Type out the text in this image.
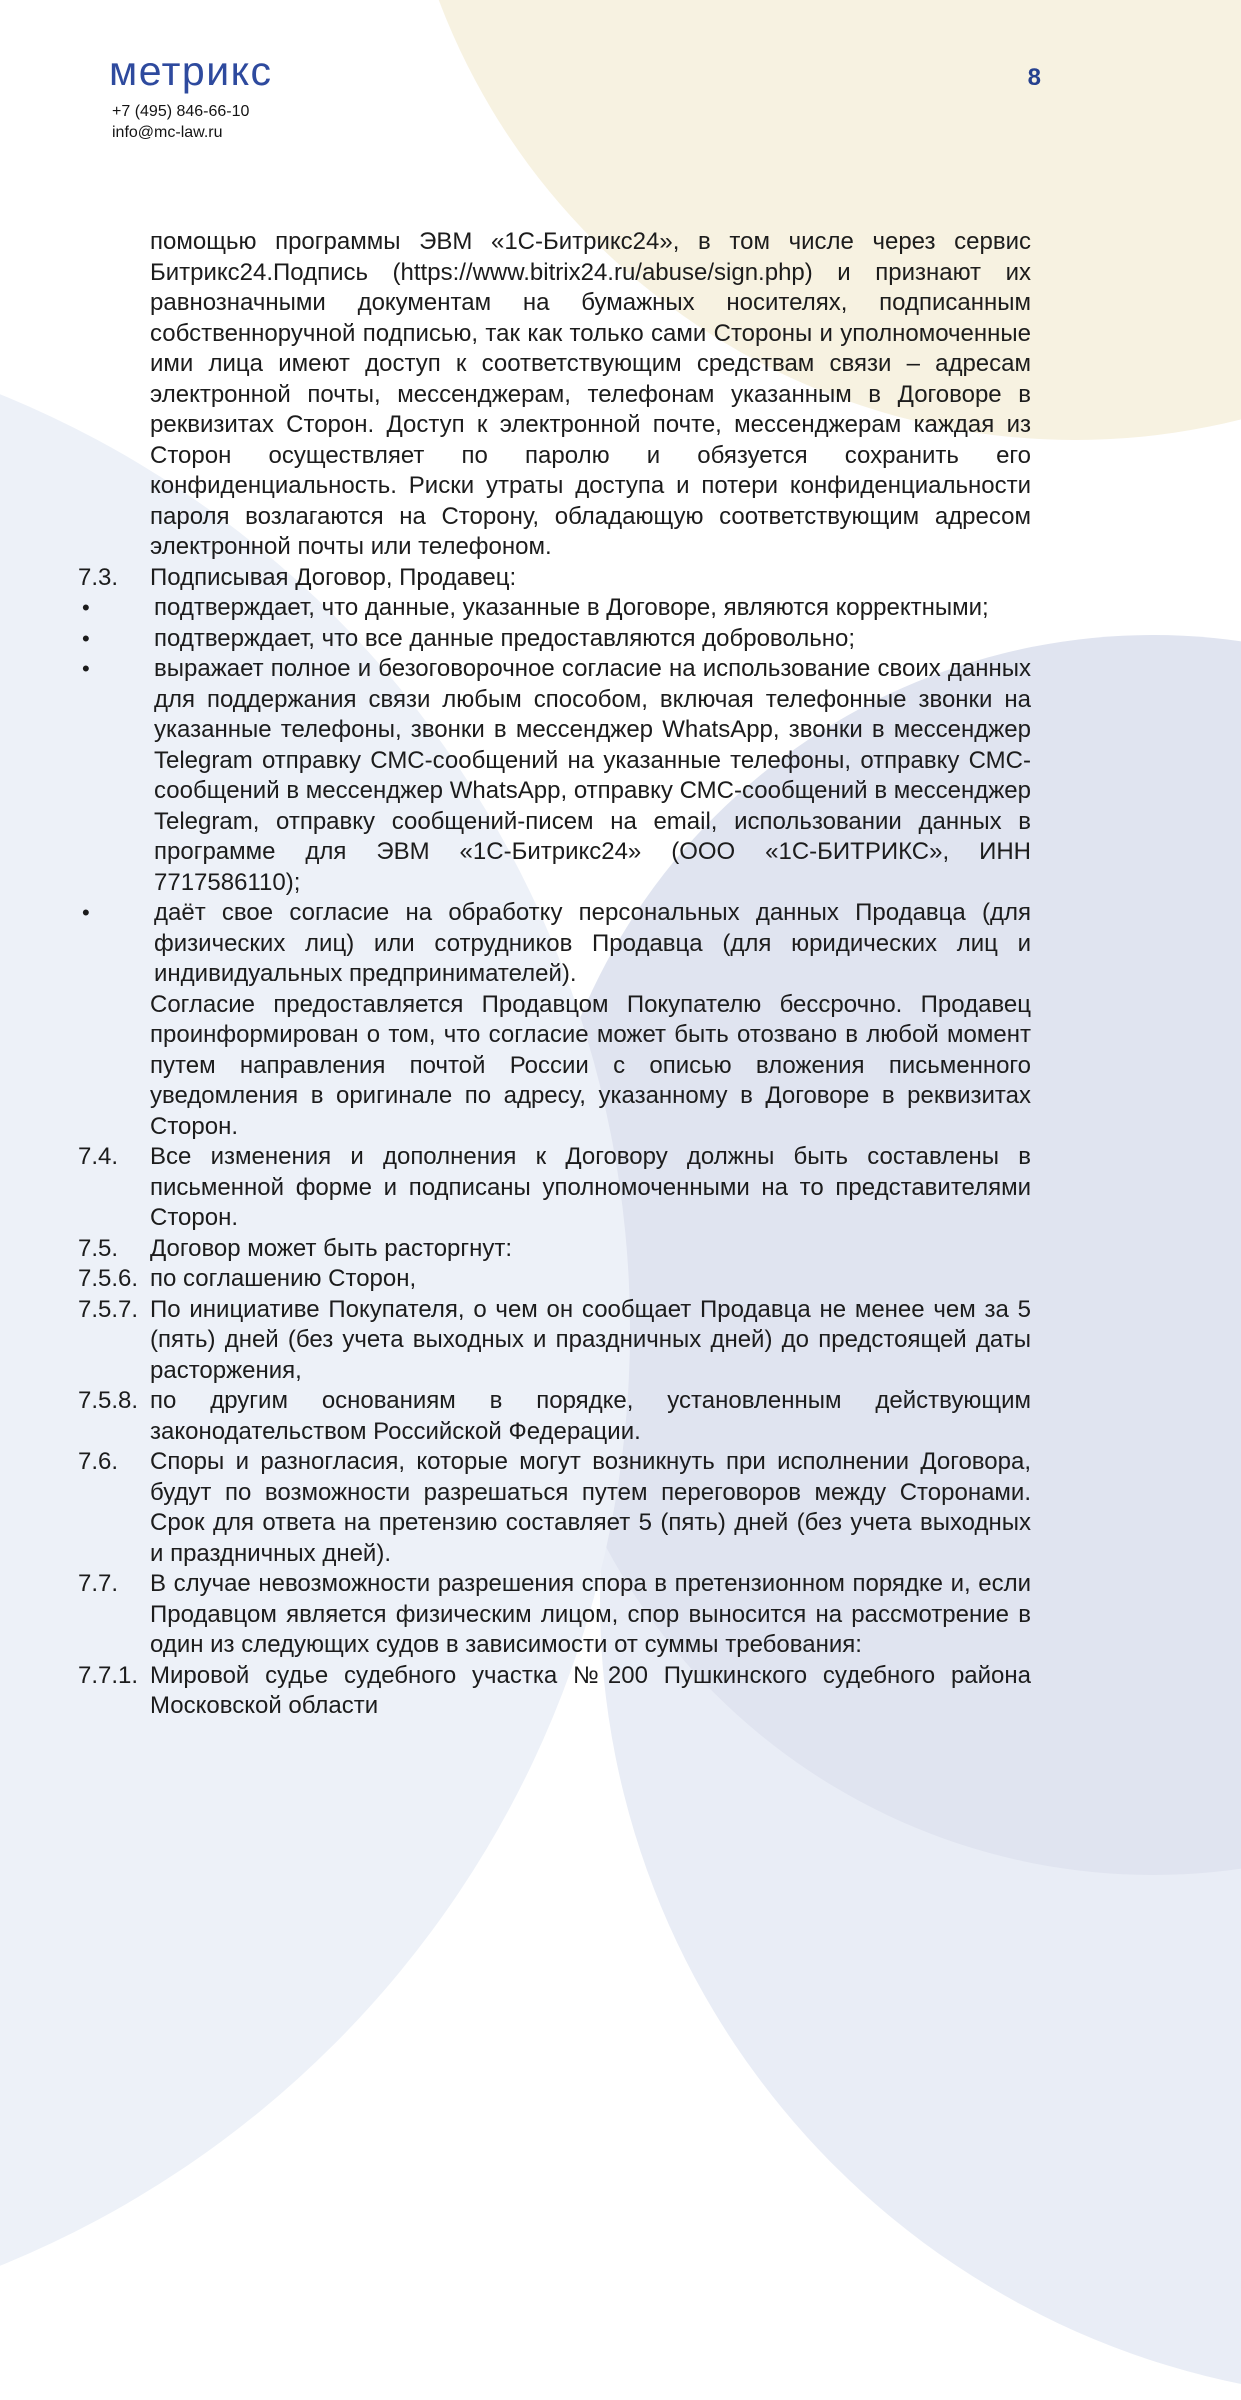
метрикс
+7 (495) 846-66-10
info@mc-law.ru
8
помощью программы ЭВМ «1С-Битрикс24», в том числе через сервис Битрикс24.Подпись (https://www.bitrix24.ru/abuse/sign.php) и признают их равнозначными документам на бумажных носителях, подписанным собственноручной подписью, так как только сами Стороны и уполномоченные ими лица имеют доступ к соответствующим средствам связи – адресам электронной почты, мессенджерам, телефонам указанным в Договоре в реквизитах Сторон. Доступ к электронной почте, мессенджерам каждая из Сторон осуществляет по паролю и обязуется сохранить его конфиденциальность. Риски утраты доступа и потери конфиденциальности пароля возлагаются на Сторону, обладающую соответствующим адресом электронной почты или телефоном.
7.3.	Подписывая Договор, Продавец:
•	подтверждает, что данные, указанные в Договоре, являются корректными;
•	подтверждает, что все данные предоставляются добровольно;
•	выражает полное и безоговорочное согласие на использование своих данных для поддержания связи любым способом, включая телефонные звонки на указанные телефоны, звонки в мессенджер WhatsApp, звонки в мессенджер Telegram отправку СМС-сообщений на указанные телефоны, отправку СМС-сообщений в мессенджер WhatsApp, отправку СМС-сообщений в мессенджер Telegram, отправку сообщений-писем на email, использовании данных в программе для ЭВМ «1С-Битрикс24» (ООО «1С-БИТРИКС», ИНН 7717586110);
•	даёт свое согласие на обработку персональных данных Продавца (для физических лиц) или сотрудников Продавца (для юридических лиц и индивидуальных предпринимателей).
Согласие предоставляется Продавцом Покупателю бессрочно. Продавец проинформирован о том, что согласие может быть отозвано в любой момент путем направления почтой России с описью вложения письменного уведомления в оригинале по адресу, указанному в Договоре в реквизитах Сторон.
7.4.	Все изменения и дополнения к Договору должны быть составлены в письменной форме и подписаны уполномоченными на то представителями Сторон.
7.5.	Договор может быть расторгнут:
7.5.6. по соглашению Сторон,
7.5.7. По инициативе Покупателя, о чем он сообщает Продавца не менее чем за 5 (пять) дней (без учета выходных и праздничных дней) до предстоящей даты расторжения,
7.5.8. по другим основаниям в порядке, установленным действующим законодательством Российской Федерации.
7.6.	Споры и разногласия, которые могут возникнуть при исполнении Договора, будут по возможности разрешаться путем переговоров между Сторонами. Срок для ответа на претензию составляет 5 (пять) дней (без учета выходных и праздничных дней).
7.7.	В случае невозможности разрешения спора в претензионном порядке и, если Продавцом является физическим лицом, спор выносится на рассмотрение в один из следующих судов в зависимости от суммы требования:
7.7.1. Мировой судье судебного участка №200 Пушкинского судебного района Московской области
